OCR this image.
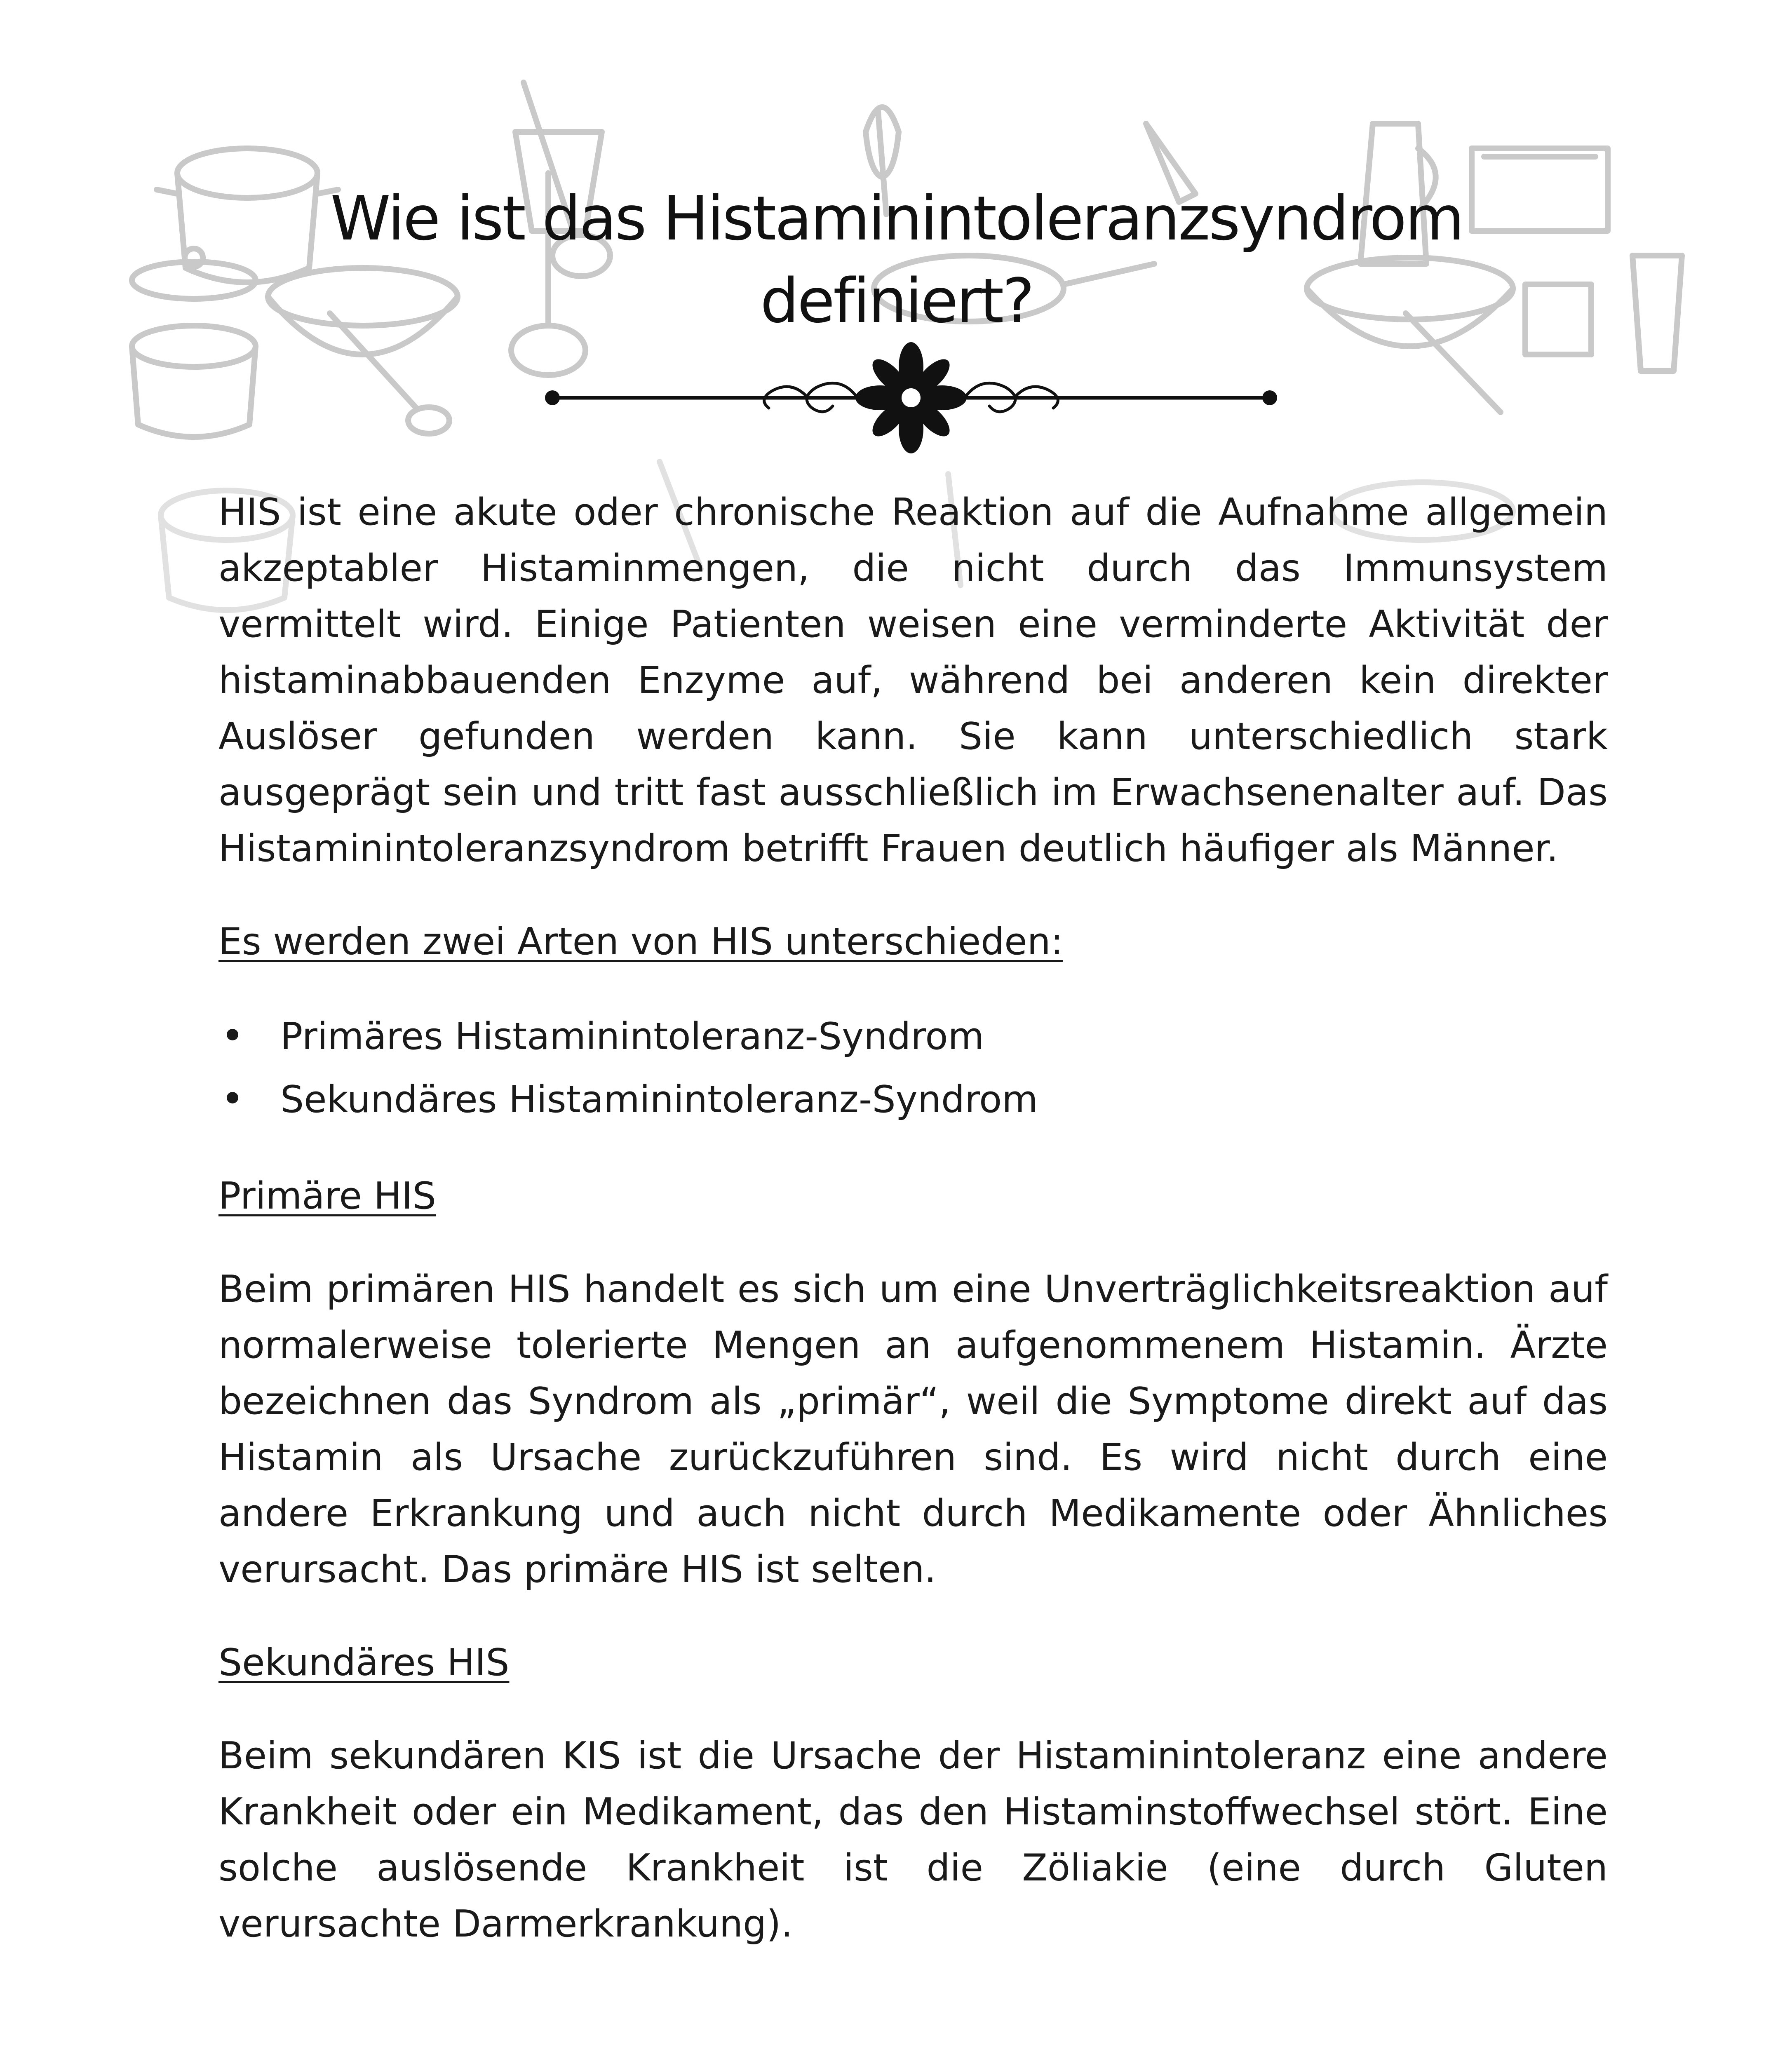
Wie ist das Histaminintoleranzsyndrom definiert?

HIS ist eine akute oder chronische Reaktion auf die Aufnahme allgemein akzeptabler Histaminmengen, die nicht durch das Immunsystem vermittelt wird. Einige Patienten weisen eine verminderte Aktivität der histaminabbauenden Enzyme auf, während bei anderen kein direkter Auslöser gefunden werden kann. Sie kann unterschiedlich stark ausgeprägt sein und tritt fast ausschließlich im Erwachsenenalter auf. Das Histaminintoleranzsyndrom betrifft Frauen deutlich häufiger als Männer.

Es werden zwei Arten von HIS unterschieden:

Primäres Histaminintoleranz-Syndrom
Sekundäres Histaminintoleranz-Syndrom

Primäre HIS

Beim primären HIS handelt es sich um eine Unverträglichkeitsreaktion auf normalerweise tolerierte Mengen an aufgenommenem Histamin. Ärzte bezeichnen das Syndrom als „primär“, weil die Symptome direkt auf das Histamin als Ursache zurückzuführen sind. Es wird nicht durch eine andere Erkrankung und auch nicht durch Medikamente oder Ähnliches verursacht. Das primäre HIS ist selten.

Sekundäres HIS

Beim sekundären KIS ist die Ursache der Histaminintoleranz eine andere Krankheit oder ein Medikament, das den Histaminstoffwechsel stört. Eine solche auslösende Krankheit ist die Zöliakie (eine durch Gluten verursachte Darmerkrankung).
